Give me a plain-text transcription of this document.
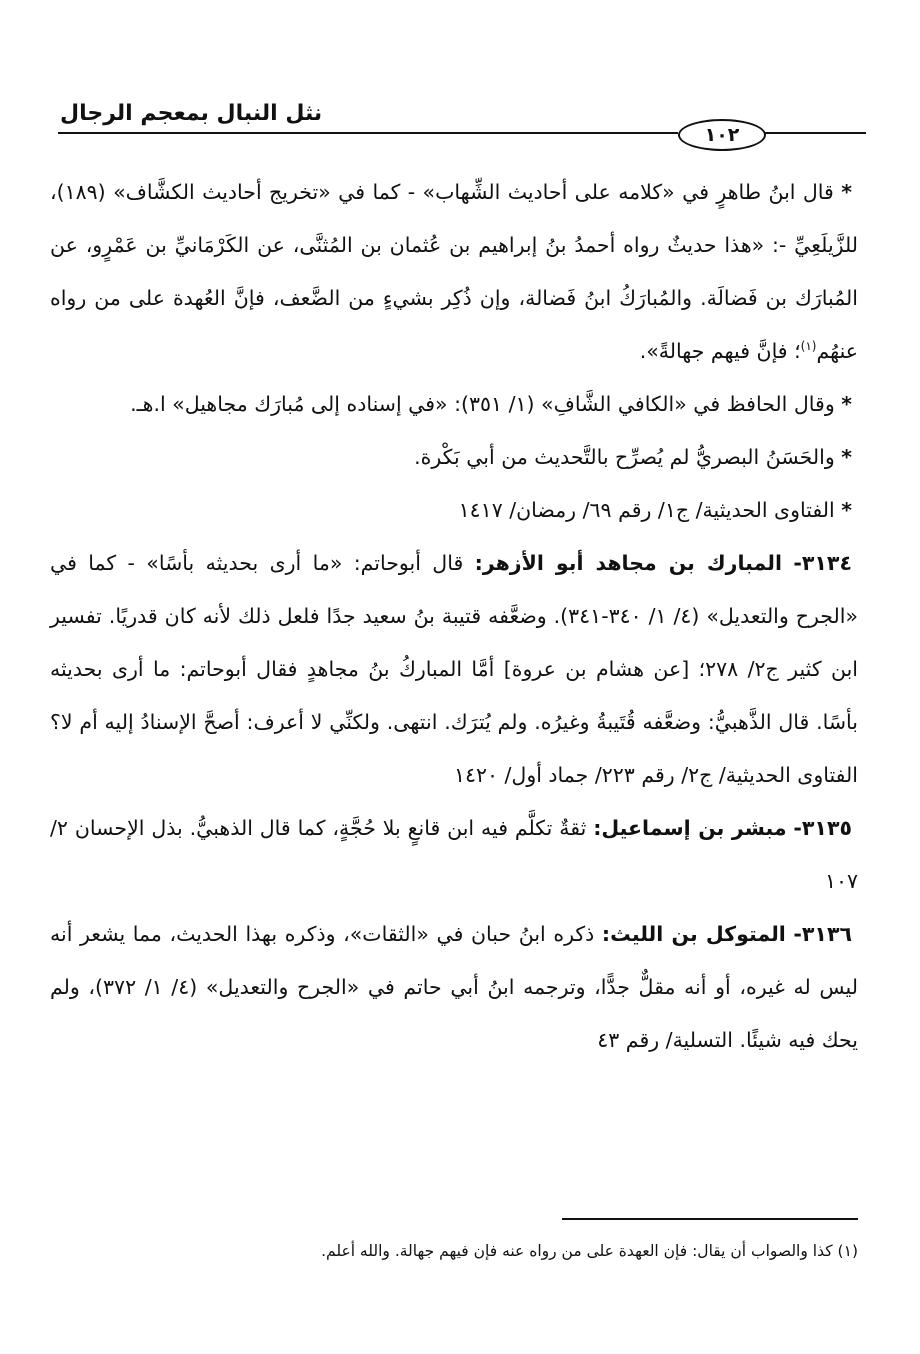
نثل النبال بمعجم الرجال
١٠٢

* قال ابنُ طاهرٍ في «كلامه على أحاديث الشِّهاب» - كما في «تخريج أحاديث الكشَّاف» (١٨٩)، للزَّيلَعِيِّ -: «هذا حديثٌ رواه أحمدُ بنُ إبراهيم بن عُثمان بن المُثنَّى، عن الكَرْمَانيِّ بن عَمْرٍو، عن المُبارَك بن فَضالَة. والمُبارَكُ ابنُ فَضالة، وإن ذُكِر بشيءٍ من الضَّعف، فإنَّ العُهدة على من رواه عنهُم$^{(١)}$؛ فإنَّ فيهم جهالةً».

* وقال الحافظ في «الكافي الشَّافِ» (١/ ٣٥١): «في إسناده إلى مُبارَك مجاهيل» ا.هـ.

* والحَسَنُ البصريُّ لم يُصرِّح بالتَّحديث من أبي بَكْرة.

* الفتاوى الحديثية/ ج١/ رقم ٦٩/ رمضان/ ١٤١٧

٣١٣٤- المبارك بن مجاهد أبو الأزهر: قال أبوحاتم: «ما أرى بحديثه بأسًا» - كما في «الجرح والتعديل» (٤/ ١/ ٣٤٠-٣٤١). وضعَّفه قتيبة بنُ سعيد جدًا فلعل ذلك لأنه كان قدريًا. تفسير ابن كثير ج٢/ ٢٧٨؛ [عن هشام بن عروة] أمَّا المباركُ بنُ مجاهدٍ فقال أبوحاتم: ما أرى بحديثه بأسًا. قال الذَّهبيُّ: وضعَّفه قُتَيبةُ وغيرُه. ولم يُترَك. انتهى. ولكنِّي لا أعرف: أصحَّ الإسنادُ إليه أم لا؟ الفتاوى الحديثية/ ج٢/ رقم ٢٢٣/ جماد أول/ ١٤٢٠

٣١٣٥- مبشر بن إسماعيل: ثقةٌ تكلَّم فيه ابن قانعٍ بلا حُجَّةٍ، كما قال الذهبيُّ. بذل الإحسان ٢/ ١٠٧

٣١٣٦- المتوكل بن الليث: ذكره ابنُ حبان في «الثقات»، وذكره بهذا الحديث، مما يشعر أنه ليس له غيره، أو أنه مقلٌّ جدًّا، وترجمه ابنُ أبي حاتم في «الجرح والتعديل» (٤/ ١/ ٣٧٢)، ولم يحك فيه شيئًا. التسلية/ رقم ٤٣

(١) كذا والصواب أن يقال: فإن العهدة على من رواه عنه فإن فيهم جهالة. والله أعلم.
